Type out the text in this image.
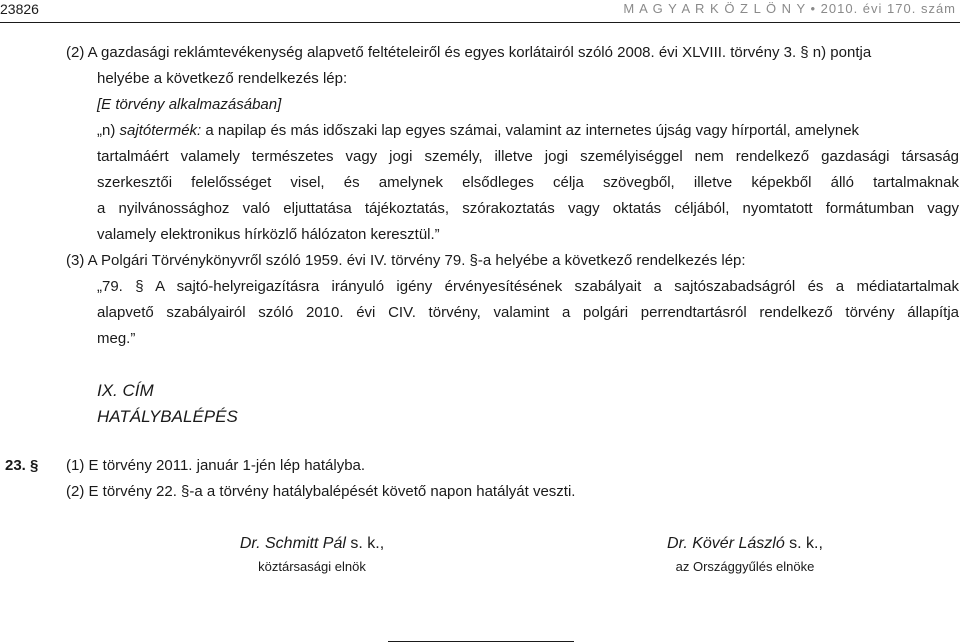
23826	M A G Y A R K Ö Z L Ö N Y • 2010. évi 170. szám
(2) A gazdasági reklámtevékenység alapvető feltételeiről és egyes korlátairól szóló 2008. évi XLVIII. törvény 3. § n) pontja
helyébe a következő rendelkezés lép:
[E törvény alkalmazásában]
„n) sajtótermék: a napilap és más időszaki lap egyes számai, valamint az internetes újság vagy hírportál, amelynek
tartalmáért valamely természetes vagy jogi személy, illetve jogi személyiséggel nem rendelkező gazdasági társaság
szerkesztői felelősséget visel, és amelynek elsődleges célja szövegből, illetve képekből álló tartalmaknak
a nyilvánossághoz való eljuttatása tájékoztatás, szórakoztatás vagy oktatás céljából, nyomtatott formátumban vagy
valamely elektronikus hírközlő hálózaton keresztül.”
(3) A Polgári Törvénykönyvről szóló 1959. évi IV. törvény 79. §-a helyébe a következő rendelkezés lép:
„79. § A sajtó-helyreigazításra irányuló igény érvényesítésének szabályait a sajtószabadságról és a médiatartalmak
alapvető szabályairól szóló 2010. évi CIV. törvény, valamint a polgári perrendtartásról rendelkező törvény állapítja
meg.”
IX. CÍM
HATÁLYBALÉPÉS
23. § (1) E törvény 2011. január 1-jén lép hatályba.
(2) E törvény 22. §-a a törvény hatálybalépését követő napon hatályát veszti.
Dr. Schmitt Pál s. k.,
köztársasági elnök
Dr. Kövér László s. k.,
az Országgyűlés elnöke
